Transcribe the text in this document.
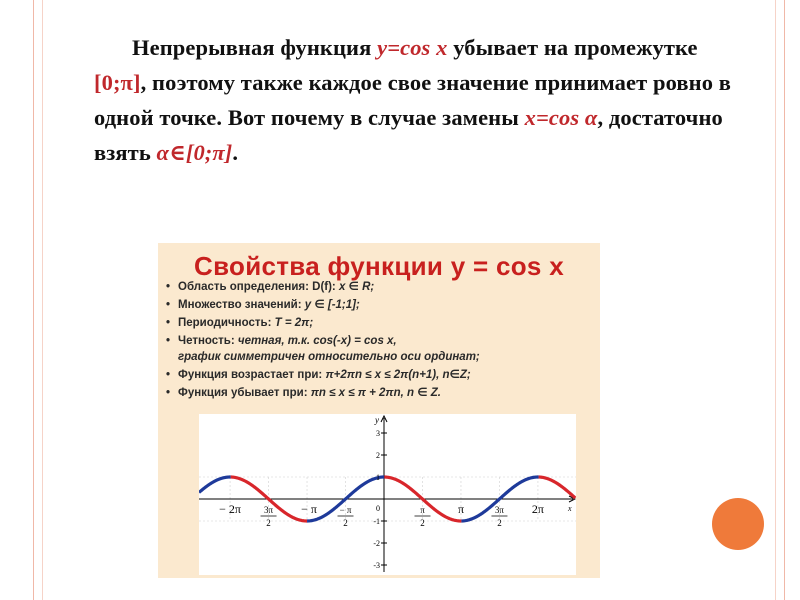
Непрерывная функция y=cos x убывает на промежутке [0;π], поэтому также каждое свое значение принимает ровно в одной точке. Вот почему в случае замены x=cos α, достаточно взять α∈[0;π].
Свойства функции y = cos x
• Область определения: D(f): x ∈ R;
• Множество значений: y ∈ [-1;1];
• Периодичность: T = 2π;
• Четность: четная, т.к. cos(-x) = cos x,
график симметричен относительно оси ординат;
• Функция возрастает при: π+2πn ≤ x ≤ 2π(n+1), n∈Z;
• Функция убывает при: πn ≤ x ≤ π + 2πn, n ∈ Z.
3
2
1
-1
-2
-3
y
x
0
− 2π	3π
2
− π	− π
2
π
2
π	3π
2
2π
